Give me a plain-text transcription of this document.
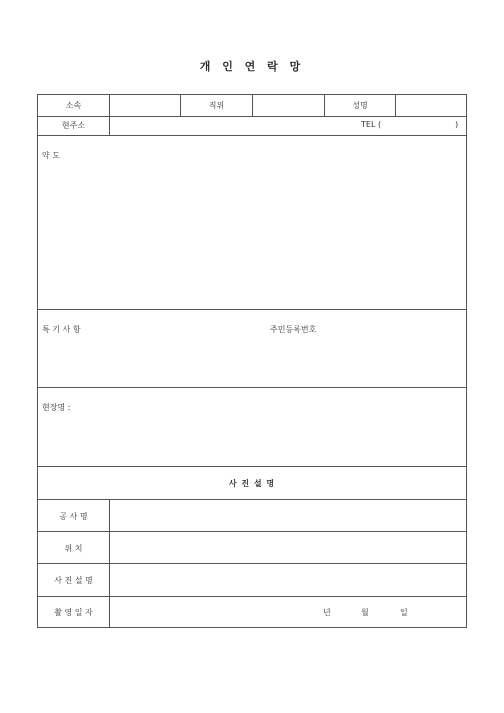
개 인 연 락 망
소속	직위	성명
현주소	TEL (	)
약 도
특 기 사 항	주민등록번호
현장명 :
사 진 설 명
공 사 명
위 치
사 진 설 명
촬 영 일 자	년	월	일
